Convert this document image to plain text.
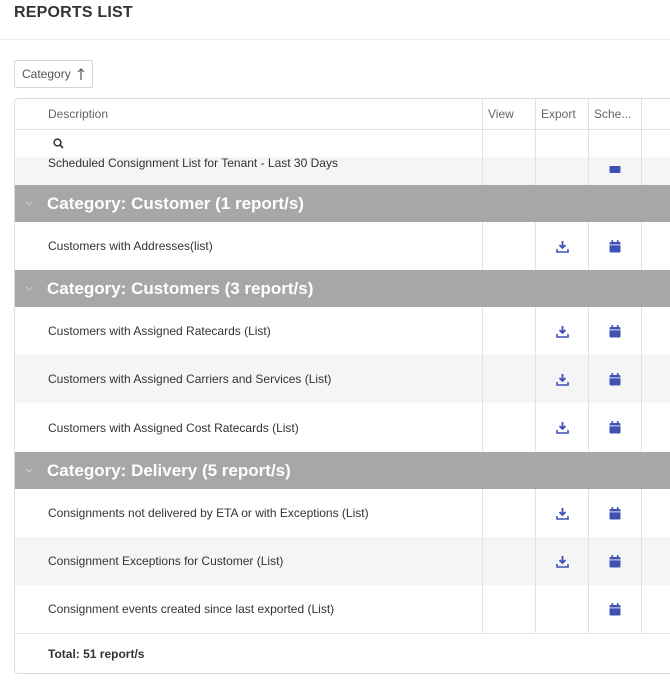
REPORTS LIST
Category
Description	View Export Sche...
Scheduled Consignment List for Tenant - Last 30 Days
Category: Customer (1 report/s)
Customers with Addresses(list)
Category: Customers (3 report/s)
Customers with Assigned Ratecards (List)
Customers with Assigned Carriers and Services (List)
Customers with Assigned Cost Ratecards (List)
Category: Delivery (5 report/s)
Consignments not delivered by ETA or with Exceptions (List)
Consignment Exceptions for Customer (List)
Consignment events created since last exported (List)
Total: 51 report/s
